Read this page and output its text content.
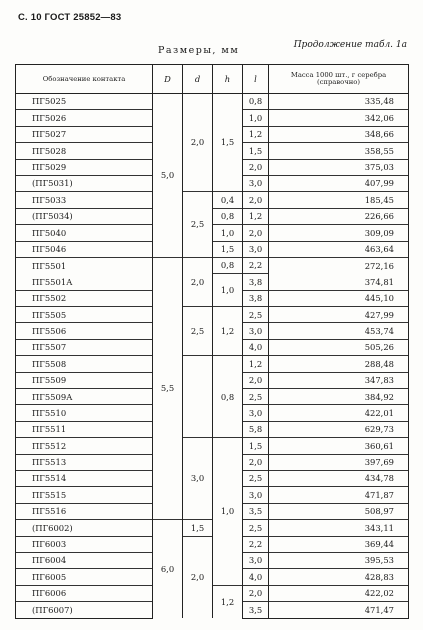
С. 10 ГОСТ 25852—83
Продолжение табл. 1а
Размеры, мм
Обозначение контакта	D	d	h	l	Масса 1000 шт., г серебра (справочно)
ПГ5025	5,0	2,0	1,5	0,8	335,48
ПГ5026				1,0	342,06
ПГ5027				1,2	348,66
ПГ5028				1,5	358,55
ПГ5029				2,0	375,03
(ПГ5031)				3,0	407,99
ПГ5033		2,5	0,4	2,0	185,45
(ПГ5034)			0,8	1,2	226,66
ПГ5040			1,0	2,0	309,09
ПГ5046			1,5	3,0	463,64
ПГ5501	5,5	2,0	0,8	2,2	272,16
ПГ5501А			1,0	3,8	374,81
ПГ5502				3,8	445,10
ПГ5505		2,5	1,2	2,5	427,99
ПГ5506				3,0	453,74
ПГ5507				4,0	505,26
ПГ5508			0,8	1,2	288,48
ПГ5509				2,0	347,83
ПГ5509А				2,5	384,92
ПГ5510				3,0	422,01
ПГ5511				5,8	629,73
ПГ5512		3,0	1,0	1,5	360,61
ПГ5513				2,0	397,69
ПГ5514				2,5	434,78
ПГ5515				3,0	471,87
ПГ5516				3,5	508,97
(ПГ6002)	6,0	1,5		2,5	343,11
ПГ6003		2,0		2,2	369,44
ПГ6004				3,0	395,53
ПГ6005				4,0	428,83
ПГ6006			1,2	2,0	422,02
(ПГ6007)				3,5	471,47
